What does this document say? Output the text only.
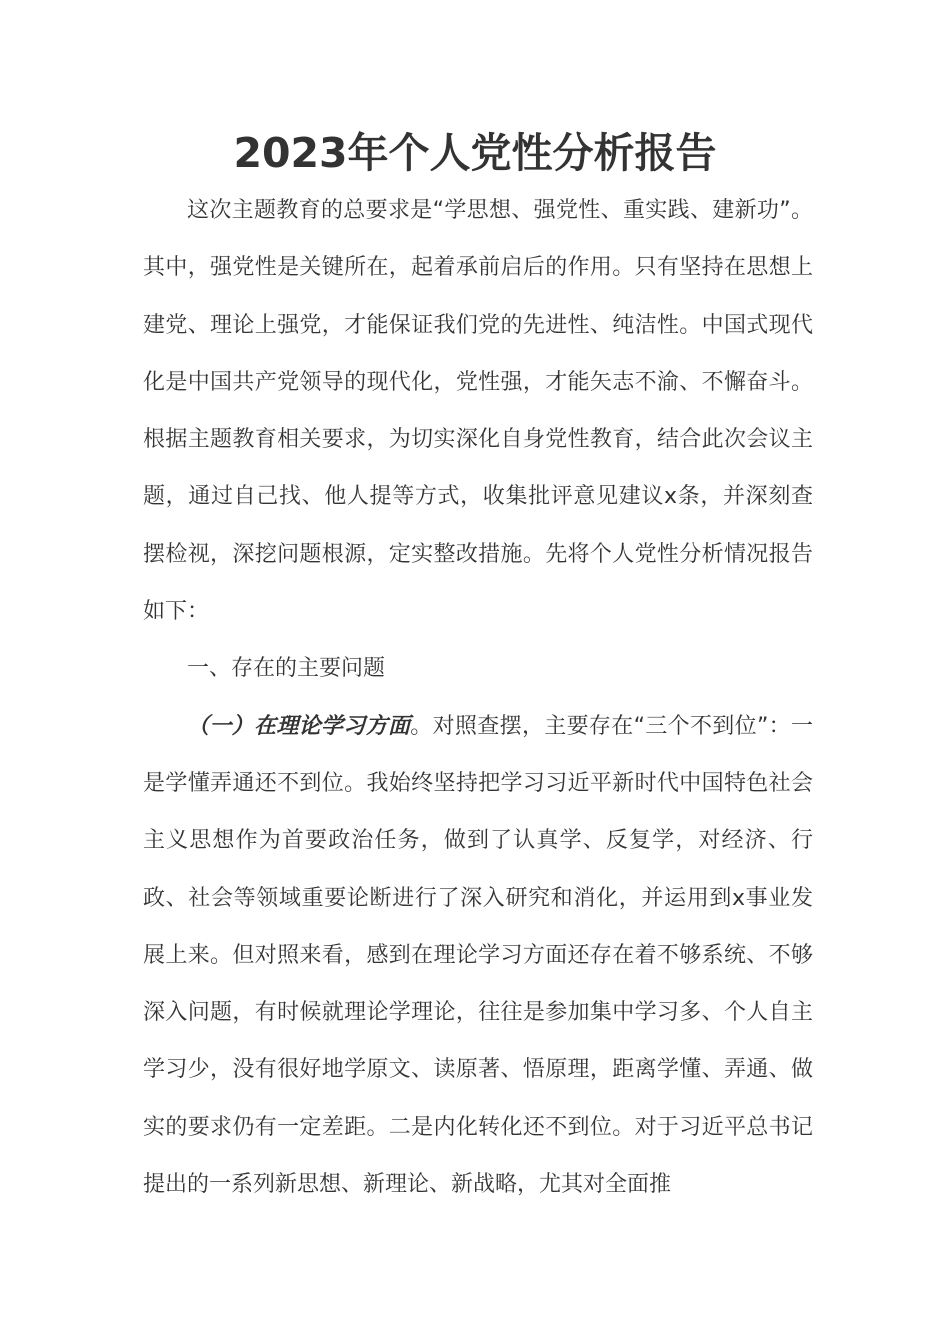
2023年个人党性分析报告

这次主题教育的总要求是“学思想、强党性、重实践、建新功”。其中，强党性是关键所在，起着承前启后的作用。只有坚持在思想上建党、理论上强党，才能保证我们党的先进性、纯洁性。中国式现代化是中国共产党领导的现代化，党性强，才能矢志不渝、不懈奋斗。根据主题教育相关要求，为切实深化自身党性教育，结合此次会议主题，通过自己找、他人提等方式，收集批评意见建议x条，并深刻查摆检视，深挖问题根源，定实整改措施。先将个人党性分析情况报告如下：

一、存在的主要问题

（一）在理论学习方面。对照查摆，主要存在“三个不到位”：一是学懂弄通还不到位。我始终坚持把学习习近平新时代中国特色社会主义思想作为首要政治任务，做到了认真学、反复学，对经济、行政、社会等领域重要论断进行了深入研究和消化，并运用到x事业发展上来。但对照来看，感到在理论学习方面还存在着不够系统、不够深入问题，有时候就理论学理论，往往是参加集中学习多、个人自主学习少，没有很好地学原文、读原著、悟原理，距离学懂、弄通、做实的要求仍有一定差距。二是内化转化还不到位。对于习近平总书记提出的一系列新思想、新理论、新战略，尤其对全面推
